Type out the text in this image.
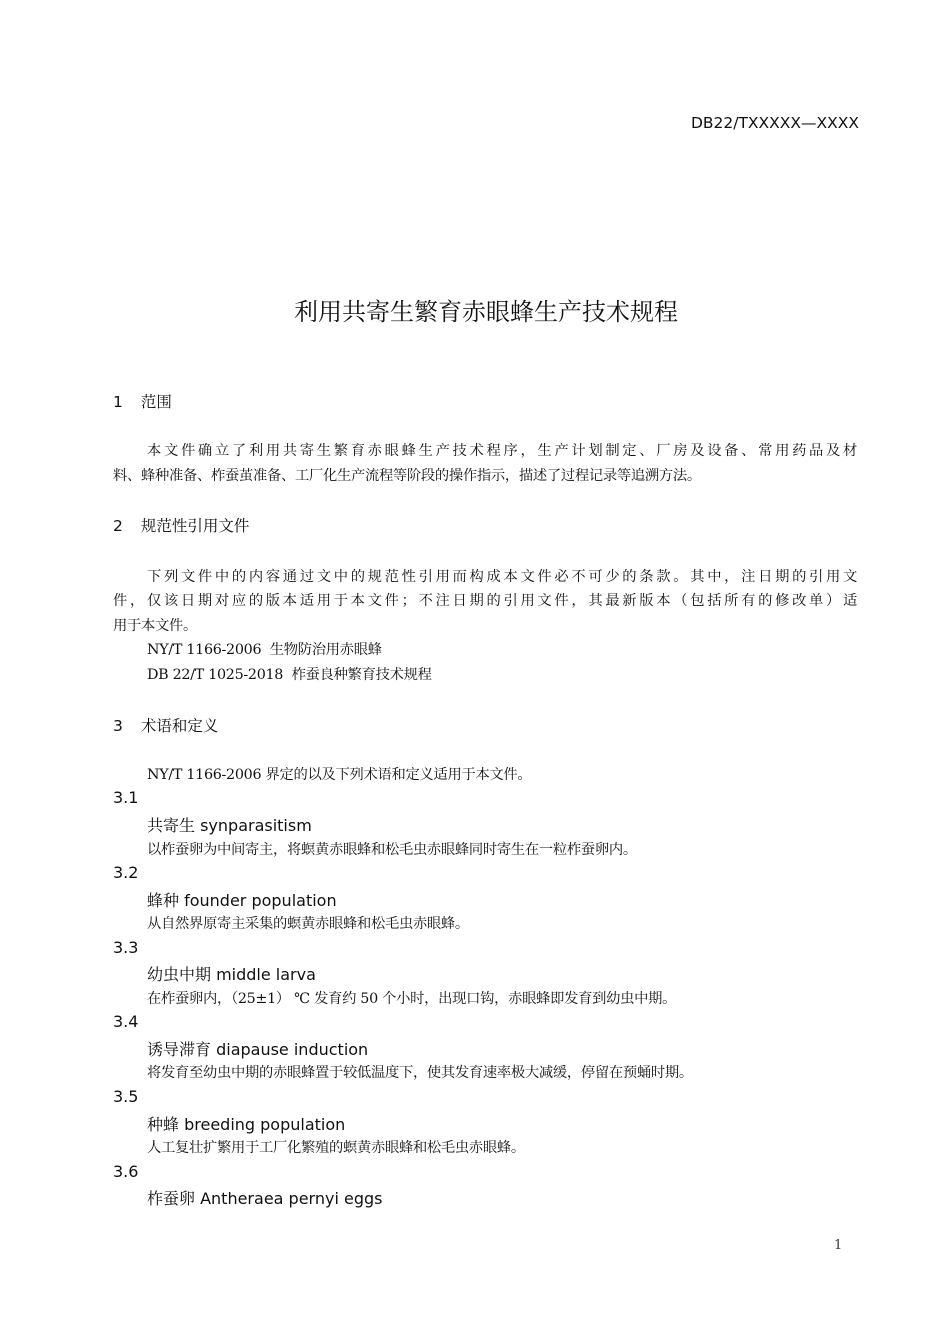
DB22/TXXXXX—XXXX
利用共寄生繁育赤眼蜂生产技术规程
1 范围
本文件确立了利用共寄生繁育赤眼蜂生产技术程序，生产计划制定、厂房及设备、常用药品及材
料、蜂种准备、柞蚕茧准备、工厂化生产流程等阶段的操作指示，描述了过程记录等追溯方法。
2 规范性引用文件
下列文件中的内容通过文中的规范性引用而构成本文件必不可少的条款。其中，注日期的引用文
件，仅该日期对应的版本适用于本文件；不注日期的引用文件，其最新版本（包括所有的修改单）适
用于本文件。
NY/T 1166-2006  生物防治用赤眼蜂
DB 22/T 1025-2018  柞蚕良种繁育技术规程
3 术语和定义
NY/T 1166-2006 界定的以及下列术语和定义适用于本文件。
3.1
共寄生 synparasitism
以柞蚕卵为中间寄主，将螟黄赤眼蜂和松毛虫赤眼蜂同时寄生在一粒柞蚕卵内。
3.2
蜂种 founder population
从自然界原寄主采集的螟黄赤眼蜂和松毛虫赤眼蜂。
3.3
幼虫中期 middle larva
在柞蚕卵内，（25±1） ℃ 发育约 50 个小时，出现口钩，赤眼蜂即发育到幼虫中期。
3.4
诱导滞育 diapause induction
将发育至幼虫中期的赤眼蜂置于较低温度下，使其发育速率极大减缓，停留在预蛹时期。
3.5
种蜂 breeding population
人工复壮扩繁用于工厂化繁殖的螟黄赤眼蜂和松毛虫赤眼蜂。
3.6
柞蚕卵 Antheraea pernyi eggs
1
